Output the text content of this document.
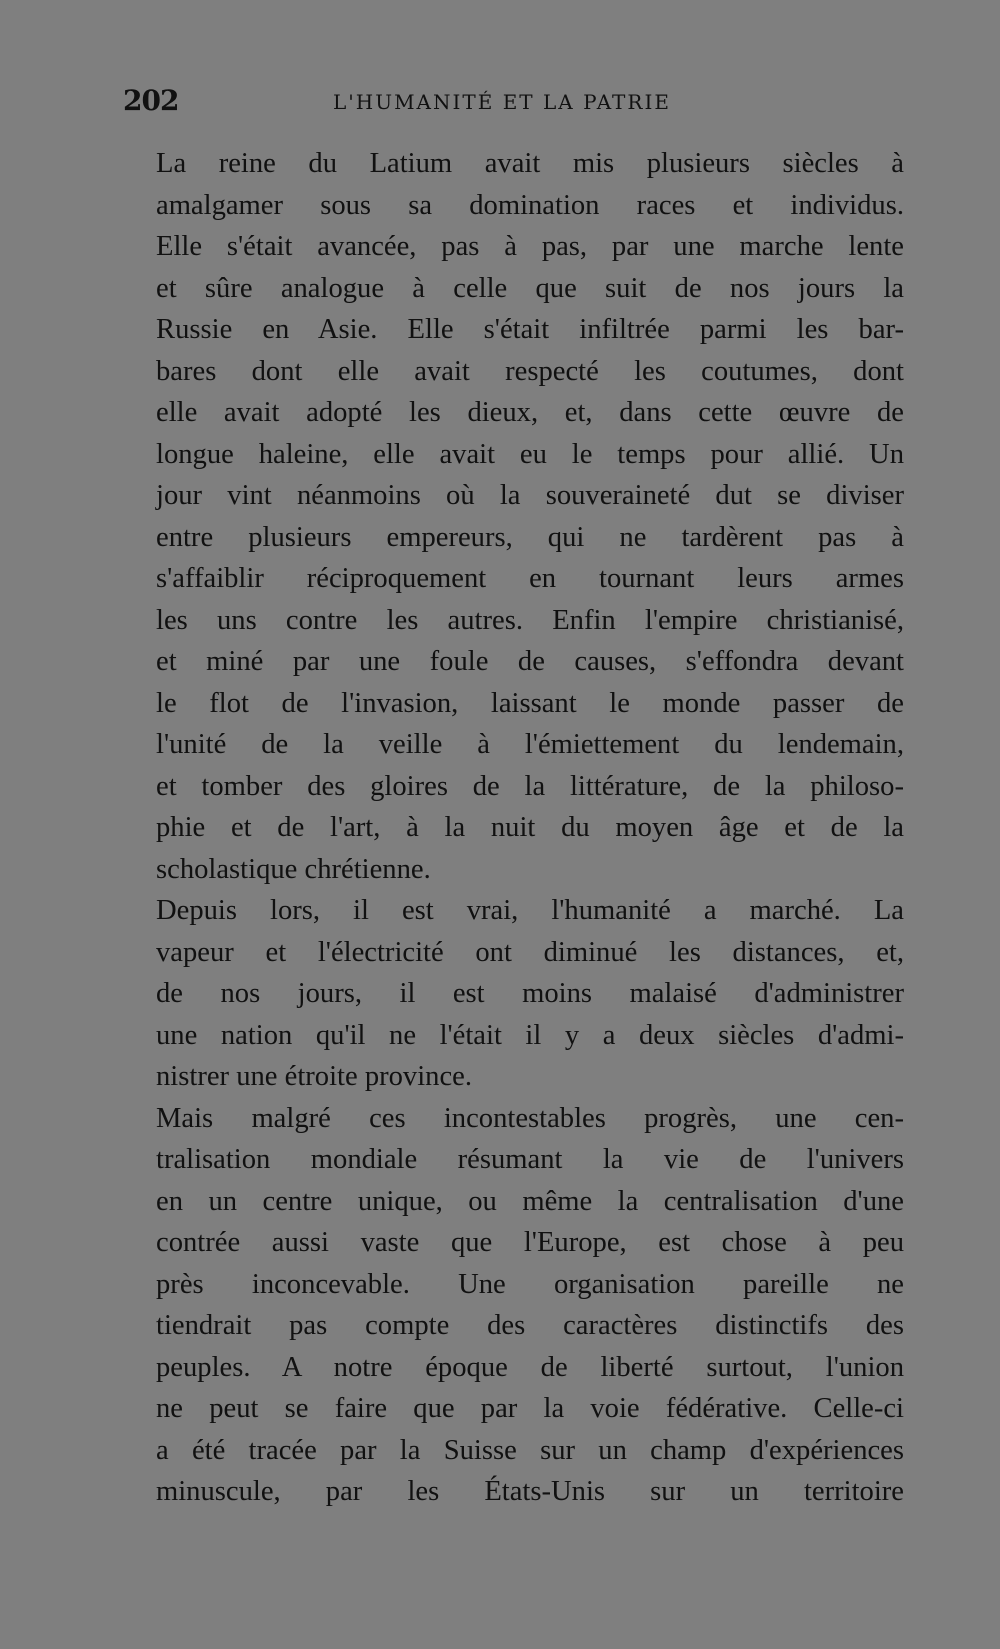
202	L'HUMANITÉ ET LA PATRIE
La reine du Latium avait mis plusieurs siècles à
amalgamer sous sa domination races et individus.
Elle s'était avancée, pas à pas, par une marche lente
et sûre analogue à celle que suit de nos jours la
Russie en Asie. Elle s'était infiltrée parmi les bar-
bares dont elle avait respecté les coutumes, dont
elle avait adopté les dieux, et, dans cette œuvre de
longue haleine, elle avait eu le temps pour allié. Un
jour vint néanmoins où la souveraineté dut se diviser
entre plusieurs empereurs, qui ne tardèrent pas à
s'affaiblir réciproquement en tournant leurs armes
les uns contre les autres. Enfin l'empire christianisé,
et miné par une foule de causes, s'effondra devant
le flot de l'invasion, laissant le monde passer de
l'unité de la veille à l'émiettement du lendemain,
et tomber des gloires de la littérature, de la philoso-
phie et de l'art, à la nuit du moyen âge et de la
scholastique chrétienne.
Depuis lors, il est vrai, l'humanité a marché. La
vapeur et l'électricité ont diminué les distances, et,
de nos jours, il est moins malaisé d'administrer
une nation qu'il ne l'était il y a deux siècles d'admi-
nistrer une étroite province.
Mais malgré ces incontestables progrès, une cen-
tralisation mondiale résumant la vie de l'univers
en un centre unique, ou même la centralisation d'une
contrée aussi vaste que l'Europe, est chose à peu
près inconcevable. Une organisation pareille ne
tiendrait pas compte des caractères distinctifs des
peuples. A notre époque de liberté surtout, l'union
ne peut se faire que par la voie fédérative. Celle-ci
a été tracée par la Suisse sur un champ d'expériences
minuscule, par les États-Unis sur un territoire
